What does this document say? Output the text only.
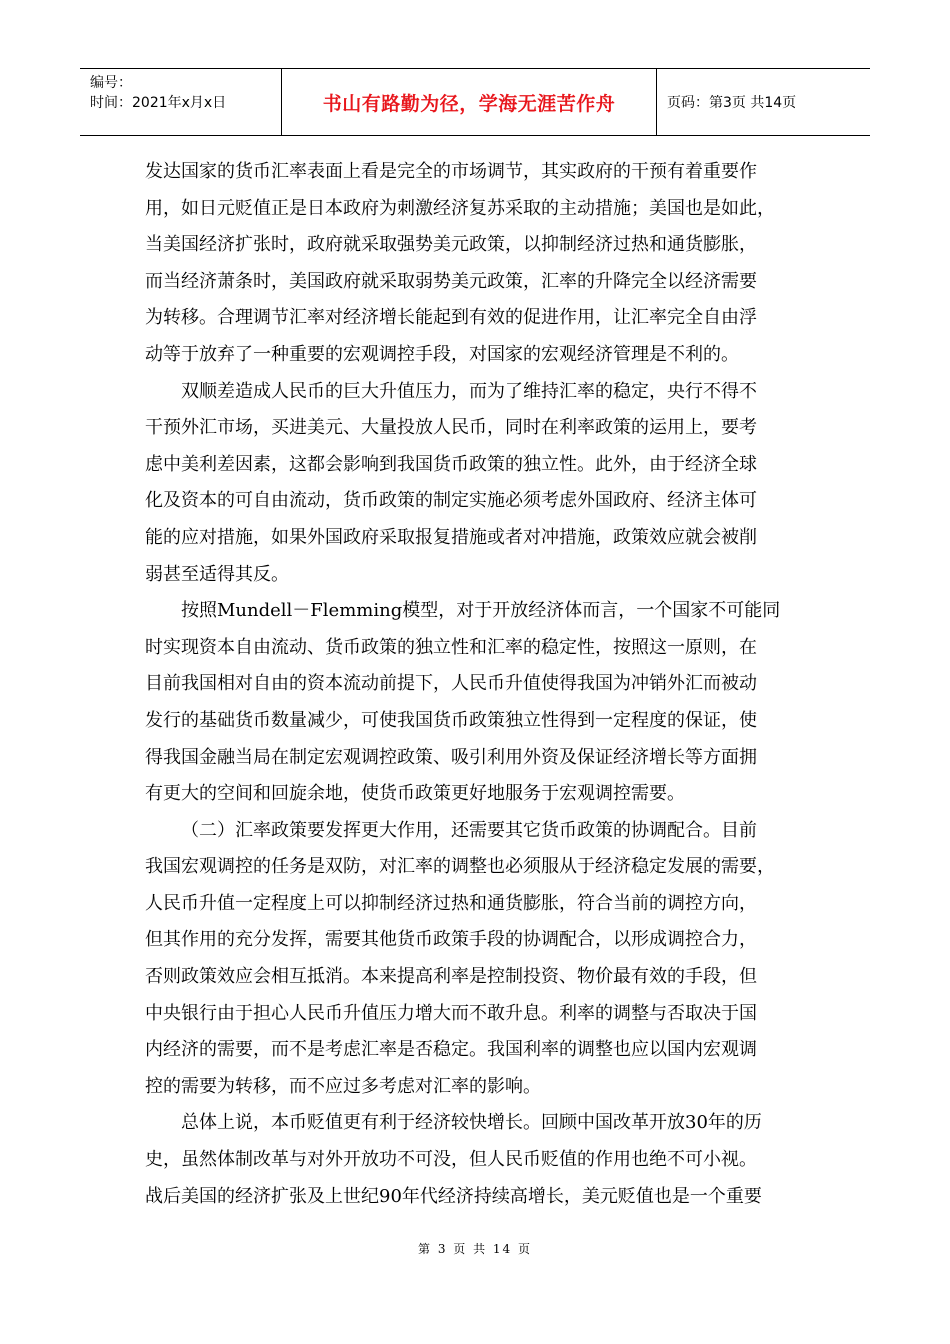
编号：
时间：2021年x月x日	书山有路勤为径，学海无涯苦作舟	页码：第3页 共14页
发达国家的货币汇率表面上看是完全的市场调节，其实政府的干预有着重要作
用，如日元贬值正是日本政府为刺激经济复苏采取的主动措施；美国也是如此，
当美国经济扩张时，政府就采取强势美元政策，以抑制经济过热和通货膨胀，
而当经济萧条时，美国政府就采取弱势美元政策，汇率的升降完全以经济需要
为转移。合理调节汇率对经济增长能起到有效的促进作用，让汇率完全自由浮
动等于放弃了一种重要的宏观调控手段，对国家的宏观经济管理是不利的。
双顺差造成人民币的巨大升值压力，而为了维持汇率的稳定，央行不得不
干预外汇市场，买进美元、大量投放人民币，同时在利率政策的运用上，要考
虑中美利差因素，这都会影响到我国货币政策的独立性。此外，由于经济全球
化及资本的可自由流动，货币政策的制定实施必须考虑外国政府、经济主体可
能的应对措施，如果外国政府采取报复措施或者对冲措施，政策效应就会被削
弱甚至适得其反。
按照Mundell－Flemming模型，对于开放经济体而言，一个国家不可能同
时实现资本自由流动、货币政策的独立性和汇率的稳定性，按照这一原则，在
目前我国相对自由的资本流动前提下，人民币升值使得我国为冲销外汇而被动
发行的基础货币数量减少，可使我国货币政策独立性得到一定程度的保证，使
得我国金融当局在制定宏观调控政策、吸引利用外资及保证经济增长等方面拥
有更大的空间和回旋余地，使货币政策更好地服务于宏观调控需要。
（二）汇率政策要发挥更大作用，还需要其它货币政策的协调配合。目前
我国宏观调控的任务是双防，对汇率的调整也必须服从于经济稳定发展的需要，
人民币升值一定程度上可以抑制经济过热和通货膨胀，符合当前的调控方向，
但其作用的充分发挥，需要其他货币政策手段的协调配合，以形成调控合力，
否则政策效应会相互抵消。本来提高利率是控制投资、物价最有效的手段，但
中央银行由于担心人民币升值压力增大而不敢升息。利率的调整与否取决于国
内经济的需要，而不是考虑汇率是否稳定。我国利率的调整也应以国内宏观调
控的需要为转移，而不应过多考虑对汇率的影响。
总体上说，本币贬值更有利于经济较快增长。回顾中国改革开放30年的历
史，虽然体制改革与对外开放功不可没，但人民币贬值的作用也绝不可小视。
战后美国的经济扩张及上世纪90年代经济持续高增长，美元贬值也是一个重要
第 3 页 共 14 页
